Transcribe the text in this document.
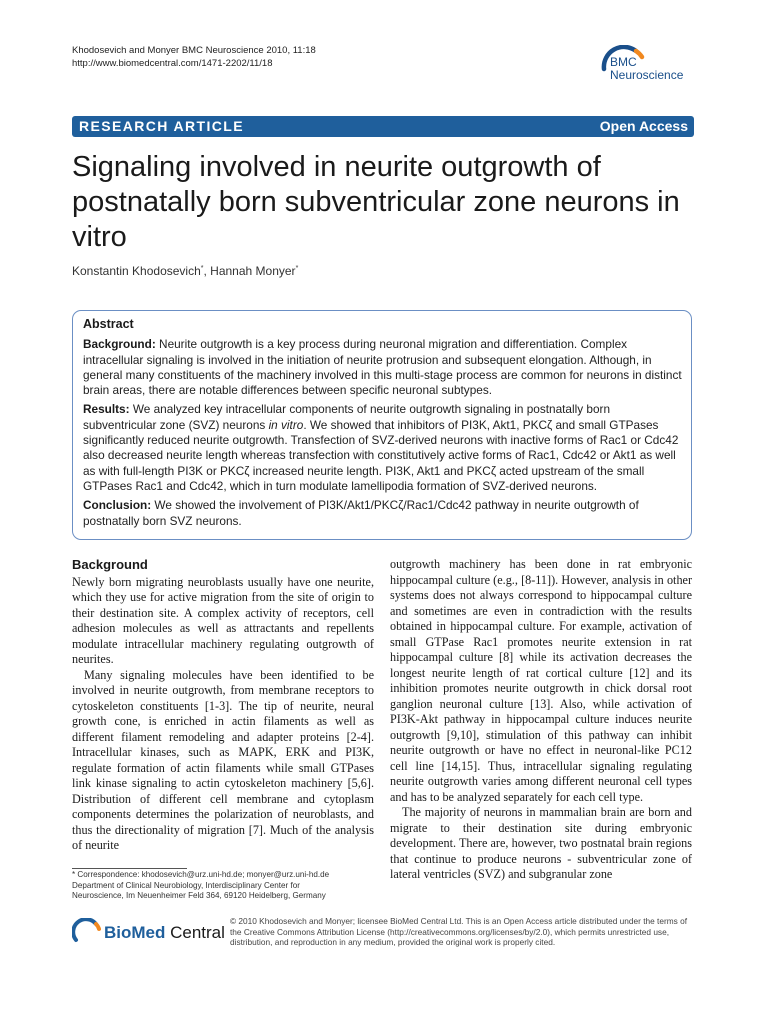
Khodosevich and Monyer BMC Neuroscience 2010, 11:18
http://www.biomedcentral.com/1471-2202/11/18	BMC
Neuroscience
RESEARCH ARTICLE	Open Access
Signaling involved in neurite outgrowth of postnatally born subventricular zone neurons in vitro
Konstantin Khodosevich*, Hannah Monyer*
Abstract

Background: Neurite outgrowth is a key process during neuronal migration and differentiation. Complex intracellular signaling is involved in the initiation of neurite protrusion and subsequent elongation. Although, in general many constituents of the machinery involved in this multi-stage process are common for neurons in distinct brain areas, there are notable differences between specific neuronal subtypes.

Results: We analyzed key intracellular components of neurite outgrowth signaling in postnatally born subventricular zone (SVZ) neurons in vitro. We showed that inhibitors of PI3K, Akt1, PKCζ and small GTPases significantly reduced neurite outgrowth. Transfection of SVZ-derived neurons with inactive forms of Rac1 or Cdc42 also decreased neurite length whereas transfection with constitutively active forms of Rac1, Cdc42 or Akt1 as well as with full-length PI3K or PKCζ increased neurite length. PI3K, Akt1 and PKCζ acted upstream of the small GTPases Rac1 and Cdc42, which in turn modulate lamellipodia formation of SVZ-derived neurons.

Conclusion: We showed the involvement of PI3K/Akt1/PKCζ/Rac1/Cdc42 pathway in neurite outgrowth of postnatally born SVZ neurons.

Background

Newly born migrating neuroblasts usually have one neurite, which they use for active migration from the site of origin to their destination site. A complex activity of receptors, cell adhesion molecules as well as attractants and repellents modulate intracellular machinery regulating outgrowth of neurites.

Many signaling molecules have been identified to be involved in neurite outgrowth, from membrane receptors to cytoskeleton constituents [1-3]. The tip of neurite, neural growth cone, is enriched in actin filaments as well as different filament remodeling and adapter proteins [2-4]. Intracellular kinases, such as MAPK, ERK and PI3K, regulate formation of actin filaments while small GTPases link kinase signaling to actin cytoskeleton machinery [5,6]. Distribution of different cell membrane and cytoplasm components determines the polarization of neuroblasts, and thus the directionality of migration [7]. Much of the analysis of neurite

outgrowth machinery has been done in rat embryonic hippocampal culture (e.g., [8-11]). However, analysis in other systems does not always correspond to hippocampal culture and sometimes are even in contradiction with the results obtained in hippocampal culture. For example, activation of small GTPase Rac1 promotes neurite extension in rat hippocampal culture [8] while its activation decreases the longest neurite length of rat cortical culture [12] and its inhibition promotes neurite outgrowth in chick dorsal root ganglion neuronal culture [13]. Also, while activation of PI3K-Akt pathway in hippocampal culture induces neurite outgrowth [9,10], stimulation of this pathway can inhibit neurite outgrowth or have no effect in neuronal-like PC12 cell line [14,15]. Thus, intracellular signaling regulating neurite outgrowth varies among different neuronal cell types and has to be analyzed separately for each cell type.

The majority of neurons in mammalian brain are born and migrate to their destination site during embryonic development. There are, however, two postnatal brain regions that continue to produce neurons - subventricular zone of lateral ventricles (SVZ) and subgranular zone

* Correspondence: khodosevich@urz.uni-hd.de; monyer@urz.uni-hd.de
Department of Clinical Neurobiology, Interdisciplinary Center for
Neuroscience, Im Neuenheimer Feld 364, 69120 Heidelberg, Germany
BioMed Central
© 2010 Khodosevich and Monyer; licensee BioMed Central Ltd. This is an Open Access article distributed under the terms of the Creative Commons Attribution License (http://creativecommons.org/licenses/by/2.0), which permits unrestricted use, distribution, and reproduction in any medium, provided the original work is properly cited.
